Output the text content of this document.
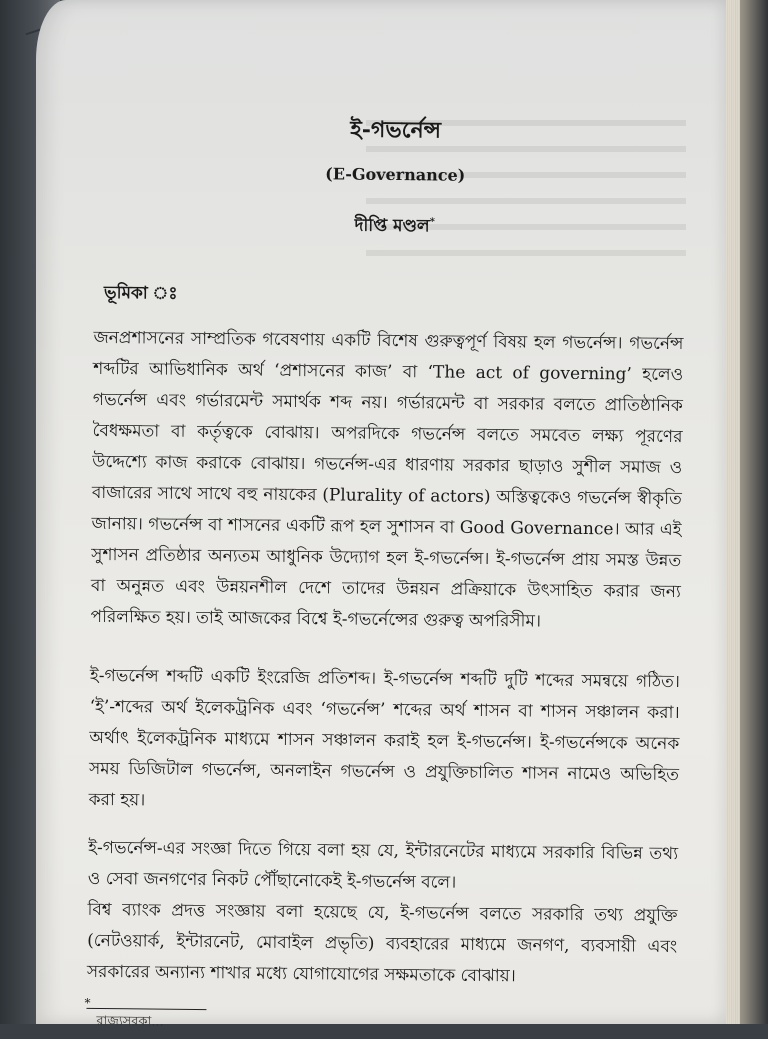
ই-গভর্নেন্স
(E-Governance)
দীপ্তি মণ্ডল*
ভূমিকা ঃ

জনপ্রশাসনের সাম্প্রতিক গবেষণায় একটি বিশেষ গুরুত্বপূর্ণ বিষয় হল গভর্নেন্স। গভর্নেন্স শব্দটির আভিধানিক অর্থ ‘প্রশাসনের কাজ’ বা ‘The act of governing’ হলেও গভর্নেন্স এবং গর্ভারমেন্ট সমার্থক শব্দ নয়। গর্ভারমেন্ট বা সরকার বলতে প্রাতিষ্ঠানিক বৈধক্ষমতা বা কর্তৃত্বকে বোঝায়। অপরদিকে গভর্নেন্স বলতে সমবেত লক্ষ্য পূরণের উদ্দেশ্যে কাজ করাকে বোঝায়। গভর্নেন্স-এর ধারণায় সরকার ছাড়াও সুশীল সমাজ ও বাজারের সাথে সাথে বহু নায়কের (Plurality of actors) অস্তিত্বকেও গভর্নেন্স স্বীকৃতি জানায়। গভর্নেন্স বা শাসনের একটি রূপ হল সুশাসন বা Good Governance। আর এই সুশাসন প্রতিষ্ঠার অন্যতম আধুনিক উদ্যোগ হল ই-গভর্নেন্স। ই-গভর্নেন্স প্রায় সমস্ত উন্নত বা অনুন্নত এবং উন্নয়নশীল দেশে তাদের উন্নয়ন প্রক্রিয়াকে উৎসাহিত করার জন্য পরিলক্ষিত হয়। তাই আজকের বিশ্বে ই-গভর্নেন্সের গুরুত্ব অপরিসীম।

ই-গভর্নেন্স শব্দটি একটি ইংরেজি প্রতিশব্দ। ই-গভর্নেন্স শব্দটি দুটি শব্দের সমন্বয়ে গঠিত। ‘ই’-শব্দের অর্থ ইলেকট্রনিক এবং ‘গভর্নেন্স’ শব্দের অর্থ শাসন বা শাসন সঞ্চালন করা। অর্থাৎ ইলেকট্রনিক মাধ্যমে শাসন সঞ্চালন করাই হল ই-গভর্নেন্স। ই-গভর্নেন্সকে অনেক সময় ডিজিটাল গভর্নেন্স, অনলাইন গভর্নেন্স ও প্রযুক্তিচালিত শাসন নামেও অভিহিত করা হয়।

ই-গভর্নেন্স-এর সংজ্ঞা দিতে গিয়ে বলা হয় যে, ইন্টারনেটের মাধ্যমে সরকারি বিভিন্ন তথ্য ও সেবা জনগণের নিকট পৌঁছানোকেই ই-গভর্নেন্স বলে।

বিশ্ব ব্যাংক প্রদত্ত সংজ্ঞায় বলা হয়েছে যে, ই-গভর্নেন্স বলতে সরকারি তথ্য প্রযুক্তি (নেটওয়ার্ক, ইন্টারনেট, মোবাইল প্রভৃতি) ব্যবহারের মাধ্যমে জনগণ, ব্যবসায়ী এবং সরকারের অন্যান্য শাখার মধ্যে যোগাযোগের সক্ষমতাকে বোঝায়।

*
রাজ্যসরকা...
